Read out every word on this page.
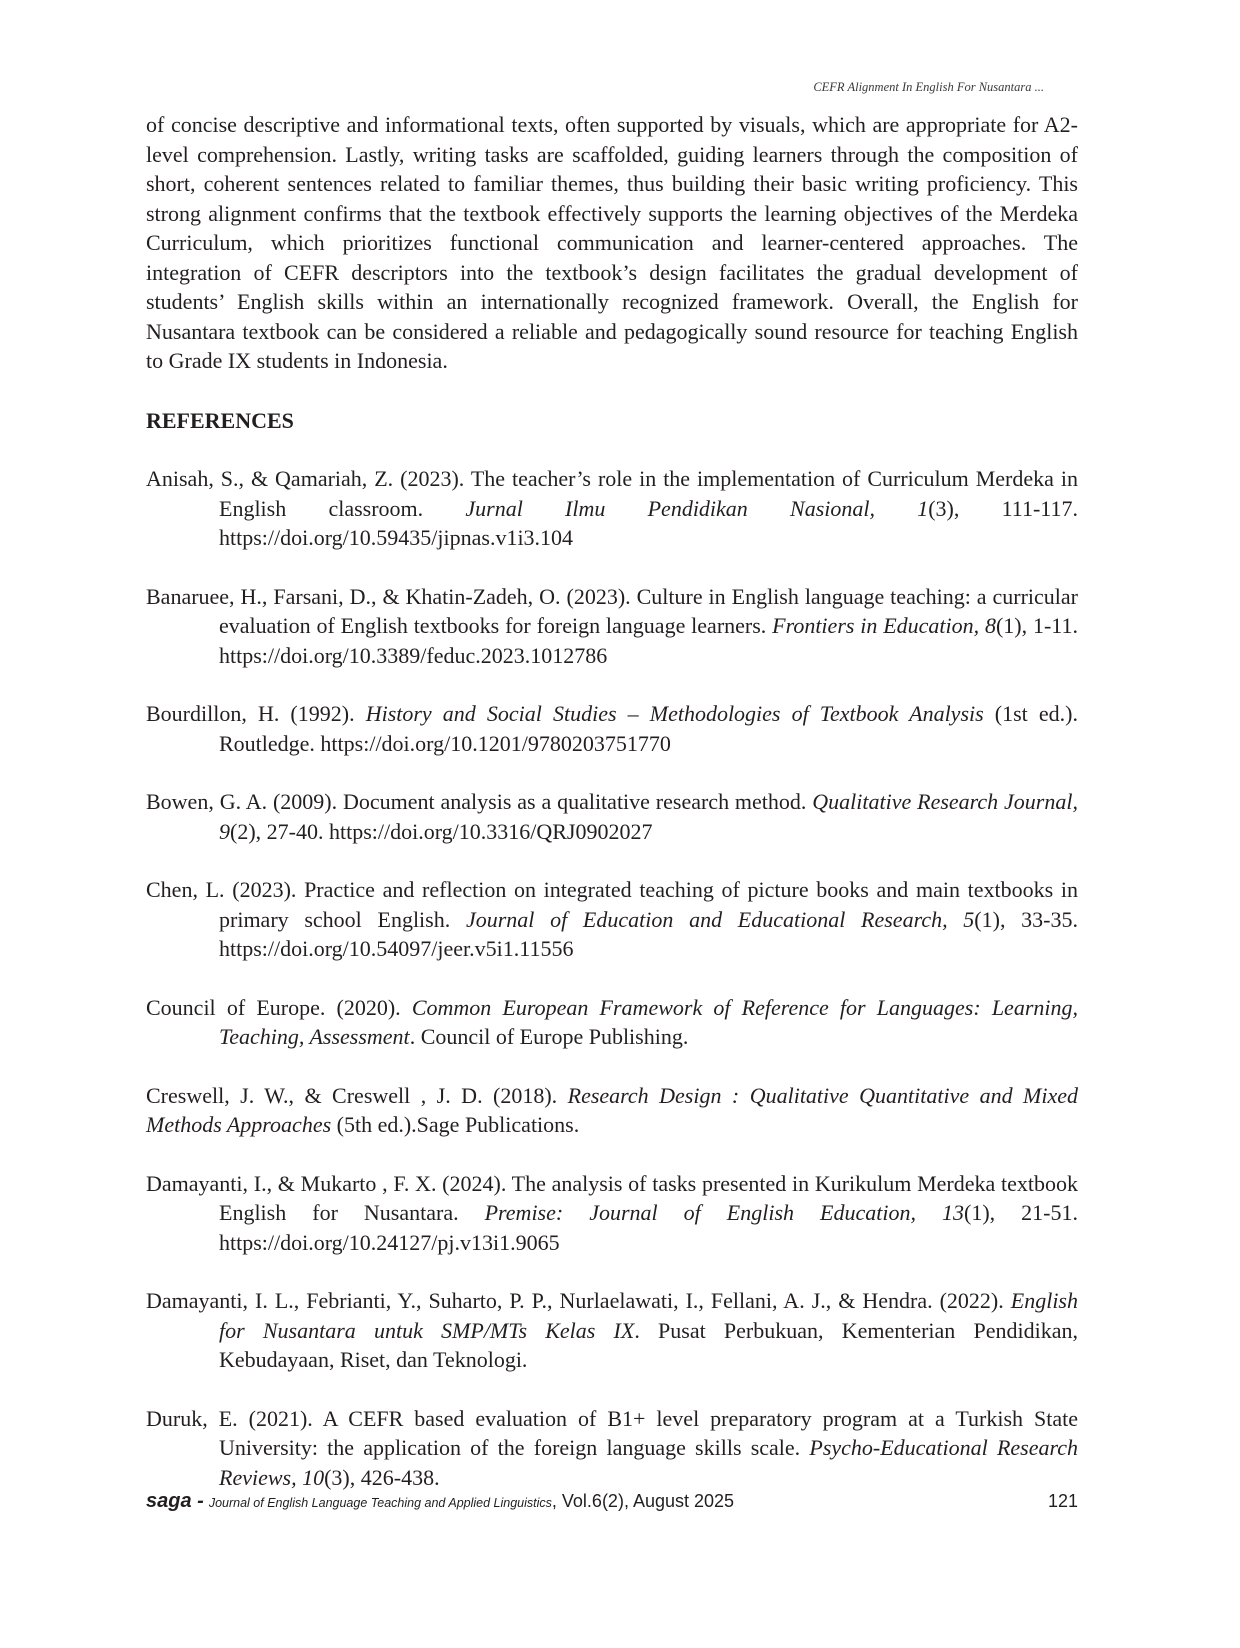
CEFR Alignment In English For Nusantara ...

of concise descriptive and informational texts, often supported by visuals, which are appropriate for A2-level comprehension. Lastly, writing tasks are scaffolded, guiding learners through the composition of short, coherent sentences related to familiar themes, thus building their basic writing proficiency. This strong alignment confirms that the textbook effectively supports the learning objectives of the Merdeka Curriculum, which prioritizes functional communication and learner-centered approaches. The integration of CEFR descriptors into the textbook’s design facilitates the gradual development of students’ English skills within an internationally recognized framework. Overall, the English for Nusantara textbook can be considered a reliable and pedagogically sound resource for teaching English to Grade IX students in Indonesia.

REFERENCES

Anisah, S., & Qamariah, Z. (2023). The teacher’s role in the implementation of Curriculum Merdeka in English classroom. Jurnal Ilmu Pendidikan Nasional, 1(3), 111-117. https://doi.org/10.59435/jipnas.v1i3.104

Banaruee, H., Farsani, D., & Khatin-Zadeh, O. (2023). Culture in English language teaching: a curricular evaluation of English textbooks for foreign language learners. Frontiers in Education, 8(1), 1-11. https://doi.org/10.3389/feduc.2023.1012786

Bourdillon, H. (1992). History and Social Studies – Methodologies of Textbook Analysis (1st ed.). Routledge. https://doi.org/10.1201/9780203751770

Bowen, G. A. (2009). Document analysis as a qualitative research method. Qualitative Research Journal, 9(2), 27-40. https://doi.org/10.3316/QRJ0902027

Chen, L. (2023). Practice and reflection on integrated teaching of picture books and main textbooks in primary school English. Journal of Education and Educational Research, 5(1), 33-35. https://doi.org/10.54097/jeer.v5i1.11556

Council of Europe. (2020). Common European Framework of Reference for Languages: Learning, Teaching, Assessment. Council of Europe Publishing.

Creswell, J. W., & Creswell , J. D. (2018). Research Design : Qualitative Quantitative and Mixed Methods Approaches (5th ed.).Sage Publications.

Damayanti, I., & Mukarto , F. X. (2024). The analysis of tasks presented in Kurikulum Merdeka textbook English for Nusantara. Premise: Journal of English Education, 13(1), 21-51. https://doi.org/10.24127/pj.v13i1.9065

Damayanti, I. L., Febrianti, Y., Suharto, P. P., Nurlaelawati, I., Fellani, A. J., & Hendra. (2022). English for Nusantara untuk SMP/MTs Kelas IX. Pusat Perbukuan, Kementerian Pendidikan, Kebudayaan, Riset, dan Teknologi.

Duruk, E. (2021). A CEFR based evaluation of B1+ level preparatory program at a Turkish State University: the application of the foreign language skills scale. Psycho-Educational Research Reviews, 10(3), 426-438.

saga - Journal of English Language Teaching and Applied Linguistics, Vol.6(2), August 2025	121
